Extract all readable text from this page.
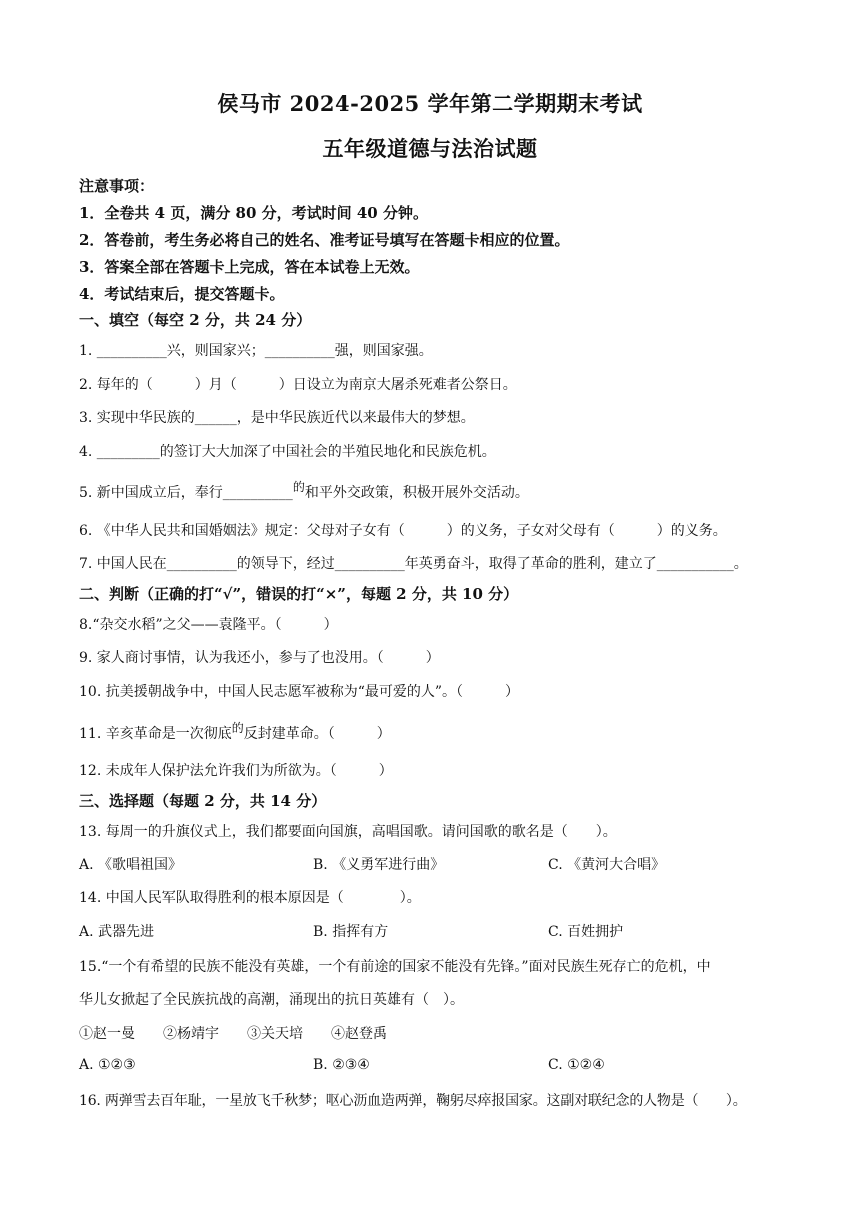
侯马市 2024-2025 学年第二学期期末考试
五年级道德与法治试题
注意事项：
1．全卷共 4 页，满分 80 分，考试时间 40 分钟。
2．答卷前，考生务必将自己的姓名、准考证号填写在答题卡相应的位置。
3．答案全部在答题卡上完成，答在本试卷上无效。
4．考试结束后，提交答题卡。
一、填空（每空 2 分，共 24 分）
1. __________兴，则国家兴；__________强，则国家强。
2. 每年的（　　　）月（　　　）日设立为南京大屠杀死难者公祭日。
3. 实现中华民族的______，是中华民族近代以来最伟大的梦想。
4. _________的签订大大加深了中国社会的半殖民地化和民族危机。
5. 新中国成立后，奉行__________的和平外交政策，积极开展外交活动。
6. 《中华人民共和国婚姻法》规定：父母对子女有（　　　）的义务，子女对父母有（　　　）的义务。
7. 中国人民在__________的领导下，经过__________年英勇奋斗，取得了革命的胜利，建立了___________。
二、判断（正确的打“√”，错误的打“×”，每题 2 分，共 10 分）
8.“杂交水稻”之父——袁隆平。（　　　）
9. 家人商讨事情，认为我还小，参与了也没用。（　　　）
10. 抗美援朝战争中，中国人民志愿军被称为“最可爱的人”。（　　　）
11. 辛亥革命是一次彻底的反封建革命。（　　　）
12. 未成年人保护法允许我们为所欲为。（　　　）
三、选择题（每题 2 分，共 14 分）
13. 每周一的升旗仪式上，我们都要面向国旗，高唱国歌。请问国歌的歌名是（　　）。
A. 《歌唱祖国》	B. 《义勇军进行曲》	C. 《黄河大合唱》
14. 中国人民军队取得胜利的根本原因是（　　　　）。
A. 武器先进	B. 指挥有方	C. 百姓拥护
15.“一个有希望的民族不能没有英雄，一个有前途的国家不能没有先锋。”面对民族生死存亡的危机，中
华儿女掀起了全民族抗战的高潮，涌现出的抗日英雄有（　）。
①赵一曼　　②杨靖宇　　③关天培　　④赵登禹
A. ①②③	B. ②③④	C. ①②④
16. 两弹雪去百年耻，一星放飞千秋梦；呕心沥血造两弹，鞠躬尽瘁报国家。这副对联纪念的人物是（　　）。
